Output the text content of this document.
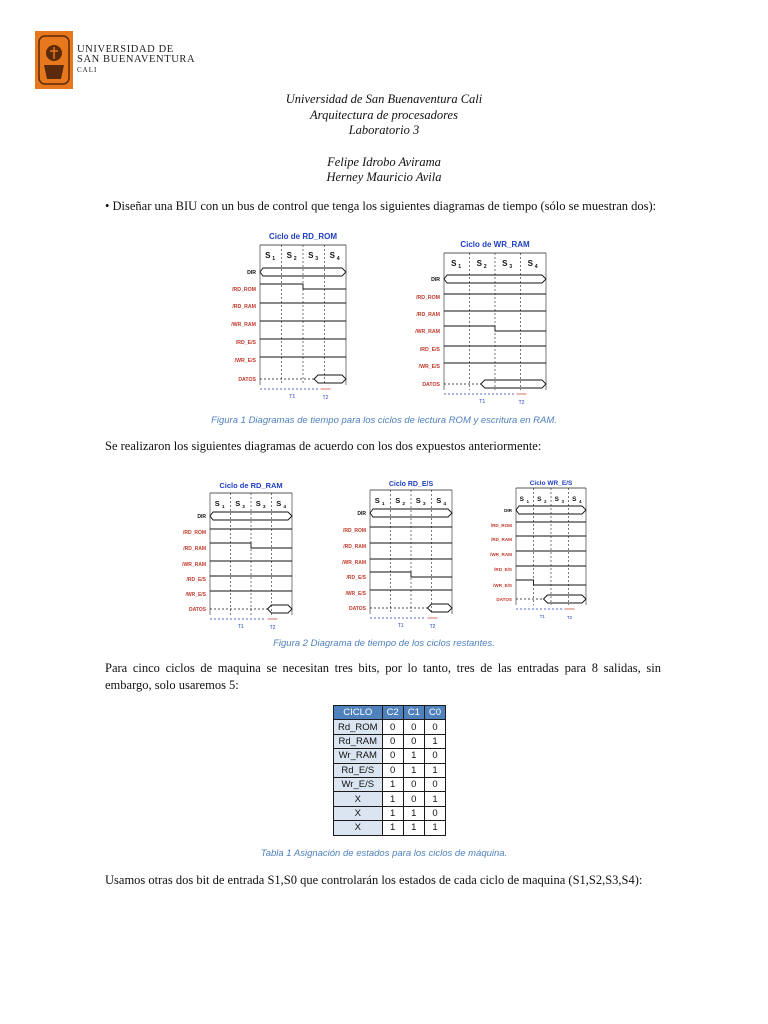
UNIVERSIDAD DE
SAN BUENAVENTURA
CALI
Universidad de San Buenaventura Cali
Arquitectura de procesadores
Laboratorio 3
Felipe Idrobo Avirama
Herney Mauricio Avila
• Diseñar una BIU con un bus de control que tenga los siguientes diagramas de tiempo (sólo se muestran dos):
Ciclo de RD_ROM
S 1 S 2 S 3 S 4
DIR
/RD_ROM
/RD_RAM
/WR_RAM
/RD_E/S
/WR_E/S
DATOS
T1	T2
Ciclo de WR_RAM
S 1 S 2 S 3 S 4
DIR
/RD_ROM
/RD_RAM
/WR_RAM
/RD_E/S
/WR_E/S
DATOS
T1	T2
Figura 1 Diagramas de tiempo para los ciclos de lectura ROM y escritura en RAM.
Se realizaron los siguientes diagramas de acuerdo con los dos expuestos anteriormente:
Ciclo de RD_RAM
S 1 S 2 S 3 S 4
DIR
/RD_ROM
/RD_RAM
/WR_RAM
/RD_E/S
/WR_E/S
DATOS
T1	T2
Ciclo RD_E/S
S 1 S 2 S 3 S 4
DIR
/RD_ROM
/RD_RAM
/WR_RAM
/RD_E/S
/WR_E/S
DATOS
T1	T2
Ciclo WR_E/S
S 1 S 2 S 3 S 4
DIR
/RD_ROM
/RD_RAM
/WR_RAM
/RD_E/S
/WR_E/S
DATOS
T1	T2
Figura 2 Diagrama de tiempo de los ciclos restantes.
Para cinco ciclos de maquina se necesitan tres bits, por lo tanto, tres de las entradas para 8 salidas, sin embargo, solo usaremos 5:
CICLO	C2	C1	C0
Rd_ROM	0	0	0
Rd_RAM	0	0	1
Wr_RAM	0	1	0
Rd_E/S	0	1	1
Wr_E/S	1	0	0
X	1	0	1
X	1	1	0
X	1	1	1
Tabla 1 Asignación de estados para los ciclos de máquina.
Usamos otras dos bit de entrada S1,S0 que controlarán los estados de cada ciclo de maquina (S1,S2,S3,S4):
